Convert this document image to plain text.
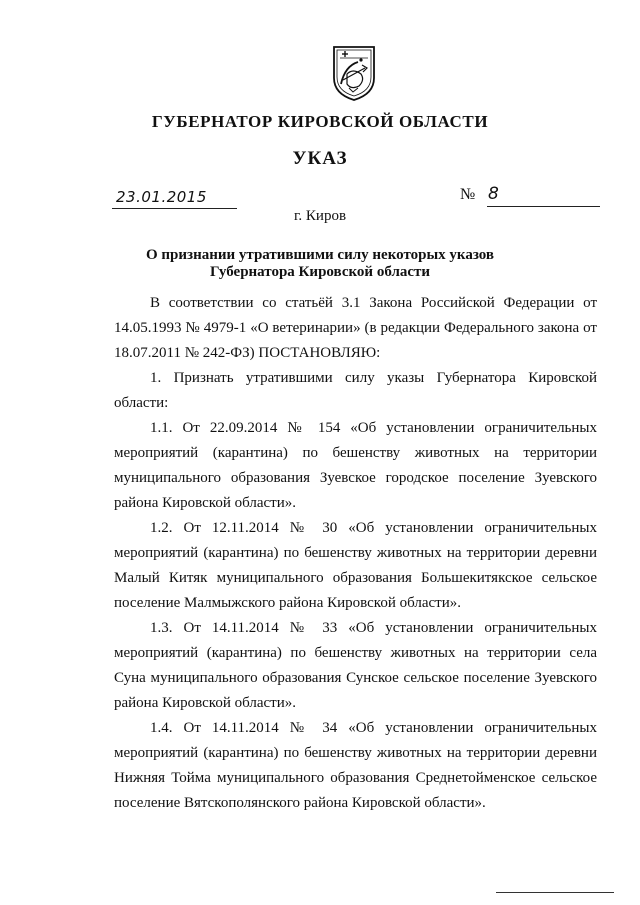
ГУБЕРНАТОР КИРОВСКОЙ ОБЛАСТИ
УКАЗ
23.01.2015	№ 8
г. Киров
О признании утратившими силу некоторых указов
Губернатора Кировской области

В соответствии со статьёй 3.1 Закона Российской Федерации от 14.05.1993 № 4979-1 «О ветеринарии» (в редакции Федерального закона от 18.07.2011 № 242-ФЗ) ПОСТАНОВЛЯЮ:

1. Признать утратившими силу указы Губернатора Кировской области:

1.1. От 22.09.2014 № 154 «Об установлении ограничительных мероприятий (карантина) по бешенству животных на территории муниципального образования Зуевское городское поселение Зуевского района Кировской области».

1.2. От 12.11.2014 № 30 «Об установлении ограничительных мероприятий (карантина) по бешенству животных на территории деревни Малый Китяк муниципального образования Большекитякское сельское поселение Малмыжского района Кировской области».

1.3. От 14.11.2014 № 33 «Об установлении ограничительных мероприятий (карантина) по бешенству животных на территории села Суна муниципального образования Сунское сельское поселение Зуевского района Кировской области».

1.4. От 14.11.2014 № 34 «Об установлении ограничительных мероприятий (карантина) по бешенству животных на территории деревни Нижняя Тойма муниципального образования Среднетойменское сельское поселение Вятскополянского района Кировской области».
